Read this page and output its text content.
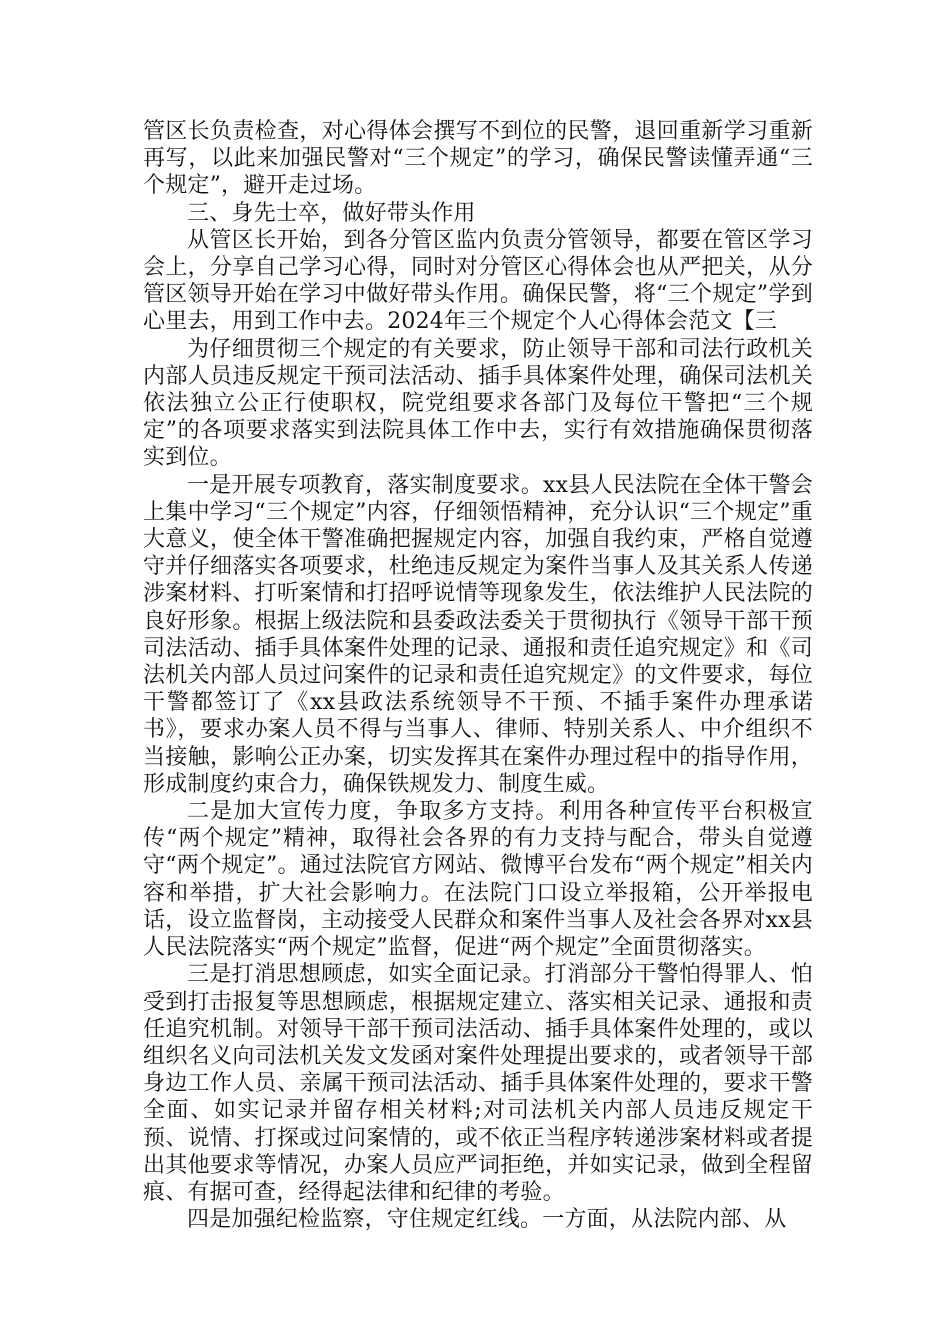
管区长负责检查，对心得体会撰写不到位的民警，退回重新学习重新再写，以此来加强民警对“三个规定”的学习，确保民警读懂弄通“三个规定”，避开走过场。

三、身先士卒，做好带头作用

从管区长开始，到各分管区监内负责分管领导，都要在管区学习会上，分享自己学习心得，同时对分管区心得体会也从严把关，从分管区领导开始在学习中做好带头作用。确保民警，将“三个规定”学到心里去，用到工作中去。2024年三个规定个人心得体会范文【三

为仔细贯彻三个规定的有关要求，防止领导干部和司法行政机关内部人员违反规定干预司法活动、插手具体案件处理，确保司法机关依法独立公正行使职权，院党组要求各部门及每位干警把“三个规定”的各项要求落实到法院具体工作中去，实行有效措施确保贯彻落实到位。

一是开展专项教育，落实制度要求。xx县人民法院在全体干警会上集中学习“三个规定”内容，仔细领悟精神，充分认识“三个规定”重大意义，使全体干警准确把握规定内容，加强自我约束，严格自觉遵守并仔细落实各项要求，杜绝违反规定为案件当事人及其关系人传递涉案材料、打听案情和打招呼说情等现象发生，依法维护人民法院的良好形象。根据上级法院和县委政法委关于贯彻执行《领导干部干预司法活动、插手具体案件处理的记录、通报和责任追究规定》和《司法机关内部人员过问案件的记录和责任追究规定》的文件要求，每位干警都签订了《xx县政法系统领导不干预、不插手案件办理承诺书》，要求办案人员不得与当事人、律师、特别关系人、中介组织不当接触，影响公正办案，切实发挥其在案件办理过程中的指导作用，形成制度约束合力，确保铁规发力、制度生威。

二是加大宣传力度，争取多方支持。利用各种宣传平台积极宣传“两个规定”精神，取得社会各界的有力支持与配合，带头自觉遵守“两个规定”。通过法院官方网站、微博平台发布“两个规定”相关内容和举措，扩大社会影响力。在法院门口设立举报箱，公开举报电话，设立监督岗，主动接受人民群众和案件当事人及社会各界对xx县人民法院落实“两个规定”监督，促进“两个规定”全面贯彻落实。

三是打消思想顾虑，如实全面记录。打消部分干警怕得罪人、怕受到打击报复等思想顾虑，根据规定建立、落实相关记录、通报和责任追究机制。对领导干部干预司法活动、插手具体案件处理的，或以组织名义向司法机关发文发函对案件处理提出要求的，或者领导干部身边工作人员、亲属干预司法活动、插手具体案件处理的，要求干警全面、如实记录并留存相关材料;对司法机关内部人员违反规定干预、说情、打探或过问案情的，或不依正当程序转递涉案材料或者提出其他要求等情况，办案人员应严词拒绝，并如实记录，做到全程留痕、有据可查，经得起法律和纪律的考验。

四是加强纪检监察，守住规定红线。一方面，从法院内部、从
